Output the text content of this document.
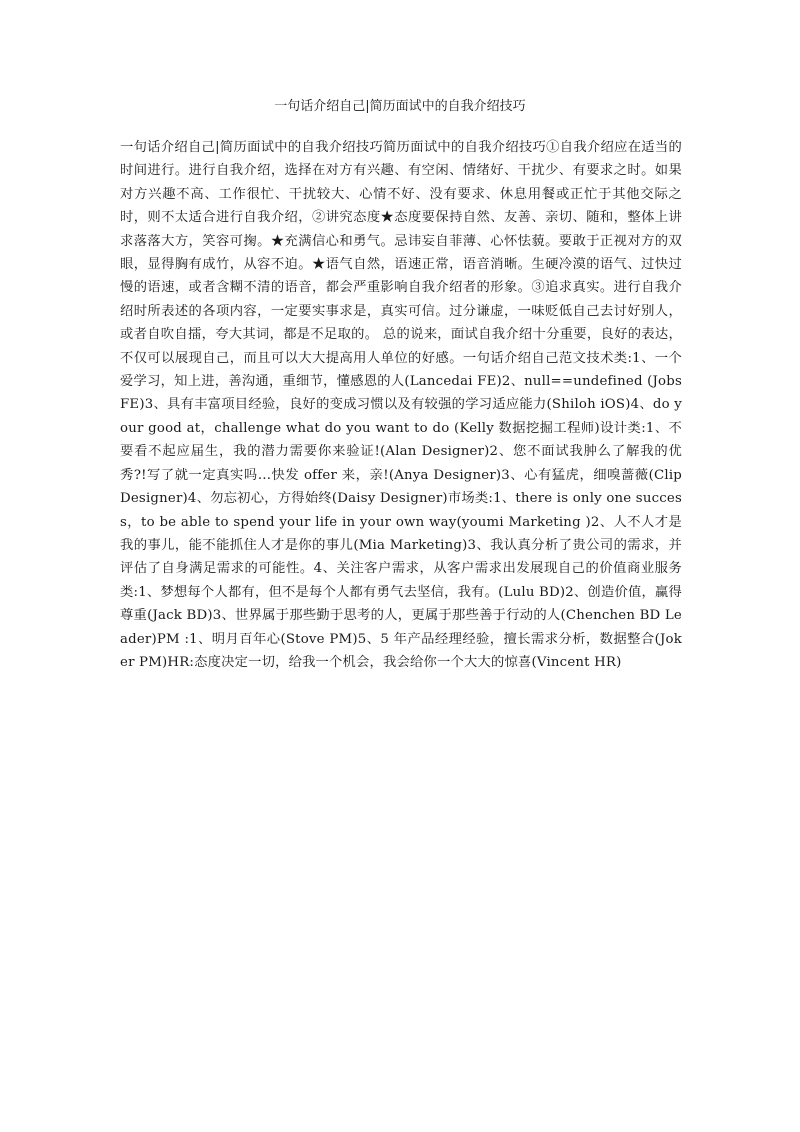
一句话介绍自己|简历面试中的自我介绍技巧

一句话介绍自己|简历面试中的自我介绍技巧简历面试中的自我介绍技巧①自我介绍应在适当的时间进行。进行自我介绍，选择在对方有兴趣、有空闲、情绪好、干扰少、有要求之时。如果对方兴趣不高、工作很忙、干扰较大、心情不好、没有要求、休息用餐或正忙于其他交际之时，则不太适合进行自我介绍，②讲究态度★态度要保持自然、友善、亲切、随和，整体上讲求落落大方，笑容可掬。★充满信心和勇气。忌讳妄自菲薄、心怀怯藐。要敢于正视对方的双眼，显得胸有成竹，从容不迫。★语气自然，语速正常，语音消晰。生硬冷漠的语气、过快过慢的语速，或者含糊不清的语音，都会严重影响自我介绍者的形象。③追求真实。进行自我介绍时所表述的各项内容，一定要实事求是，真实可信。过分谦虚，一味贬低自己去讨好别人，或者自吹自擂，夸大其词，都是不足取的。 总的说来，面试自我介绍十分重要，良好的表达，不仅可以展现自己，而且可以大大提高用人单位的好感。一句话介绍自己范文技术类:1、一个爱学习，知上进，善沟通，重细节，懂感恩的人(Lancedai FE)2、null==undefined (Jobs FE)3、具有丰富项目经验，良好的变成习惯以及有较强的学习适应能力(Shiloh iOS)4、do your good at，challenge what do you want to do (Kelly 数据挖掘工程师)设计类:1、不要看不起应届生，我的潜力需要你来验证!(Alan Designer)2、您不面试我肿么了解我的优秀?!写了就一定真实吗…快发 offer 来，亲!(Anya Designer)3、心有猛虎，细嗅蔷薇(Clip Designer)4、勿忘初心，方得始终(Daisy Designer)市场类:1、there is only one success，to be able to spend your life in your own way(youmi Marketing )2、人不人才是我的事儿，能不能抓住人才是你的事儿(Mia Marketing)3、我认真分析了贵公司的需求，并评估了自身满足需求的可能性。4、关注客户需求，从客户需求出发展现自己的价值商业服务类:1、梦想每个人都有，但不是每个人都有勇气去坚信，我有。(Lulu BD)2、创造价值，赢得尊重(Jack BD)3、世界属于那些勤于思考的人，更属于那些善于行动的人(Chenchen BD Leader)PM :1、明月百年心(Stove PM)5、5 年产品经理经验，擅长需求分析，数据整合(Joker PM)HR:态度决定一切，给我一个机会，我会给你一个大大的惊喜(Vincent HR)
